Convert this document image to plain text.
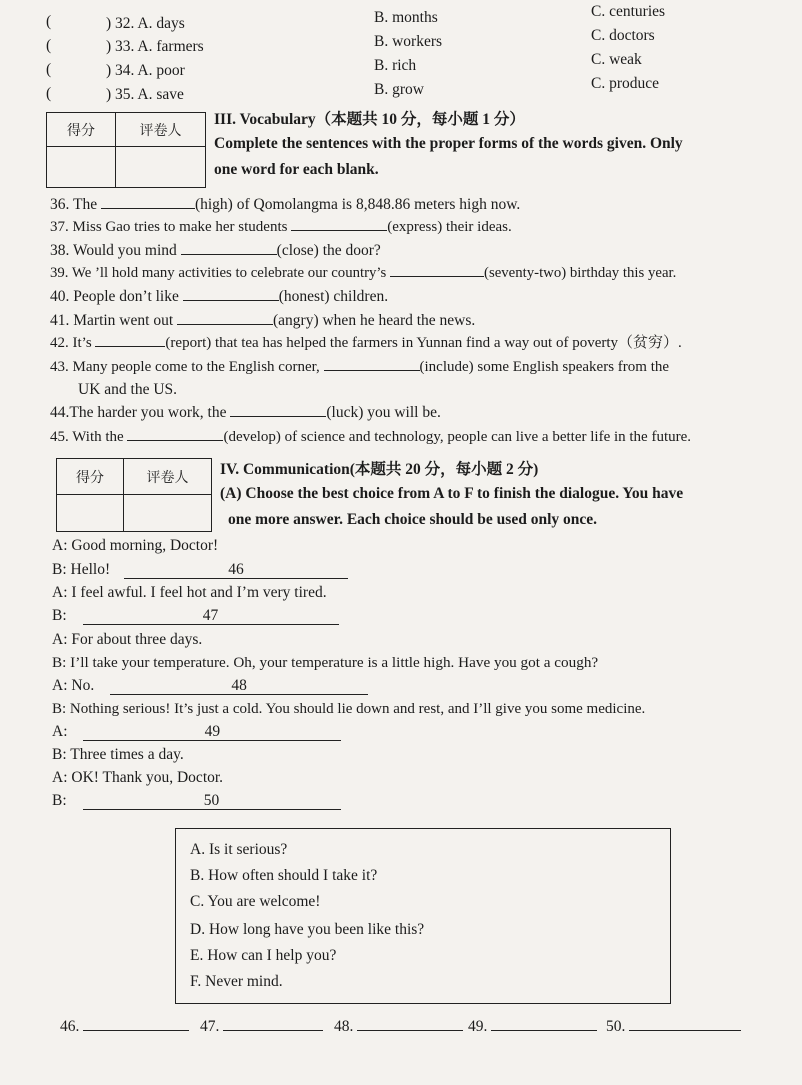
(	) 32. A. days	B. months	C. centuries
(	) 33. A. farmers	B. workers	C. doctors
(	) 34. A. poor	B. rich	C. weak
(	) 35. A. save	B. grow	C. produce
得分	评卷人

III. Vocabulary（本题共 10 分，每小题 1 分）
Complete the sentences with the proper forms of the words given. Only
one word for each blank.
36. The	(high) of Qomolangma is 8,848.86 meters high now.
37. Miss Gao tries to make her students	(express) their ideas.
38. Would you mind	(close) the door?
39. We ’ll hold many activities to celebrate our country’s	(seventy-two) birthday this year.
40. People don’t like	(honest) children.
41. Martin went out	(angry) when he heard the news.
42. It’s	(report) that tea has helped the farmers in Yunnan find a way out of poverty（贫穷）.
43. Many people come to the English corner,	(include) some English speakers from the
UK and the US.
44.The harder you work, the	(luck) you will be.
45. With the	(develop) of science and technology, people can live a better life in the future.
得分	评卷人
	IV. Communication(本题共 20 分，每小题 2 分)
(A) Choose the best choice from A to F to finish the dialogue. You have
one more answer. Each choice should be used only once.
A: Good morning, Doctor!
B: Hello!	46
A: I feel awful. I feel hot and I’m very tired.
B:	47
A: For about three days.
B: I’ll take your temperature. Oh, your temperature is a little high. Have you got a cough?
A: No.	48
B: Nothing serious! It’s just a cold. You should lie down and rest, and I’ll give you some medicine.
A:	49
B: Three times a day.
A: OK! Thank you, Doctor.
B:	50
A. Is it serious?
B. How often should I take it?
C. You are welcome!
D. How long have you been like this?
E. How can I help you?
F. Never mind.
46.	47.	48.	49.	50.
